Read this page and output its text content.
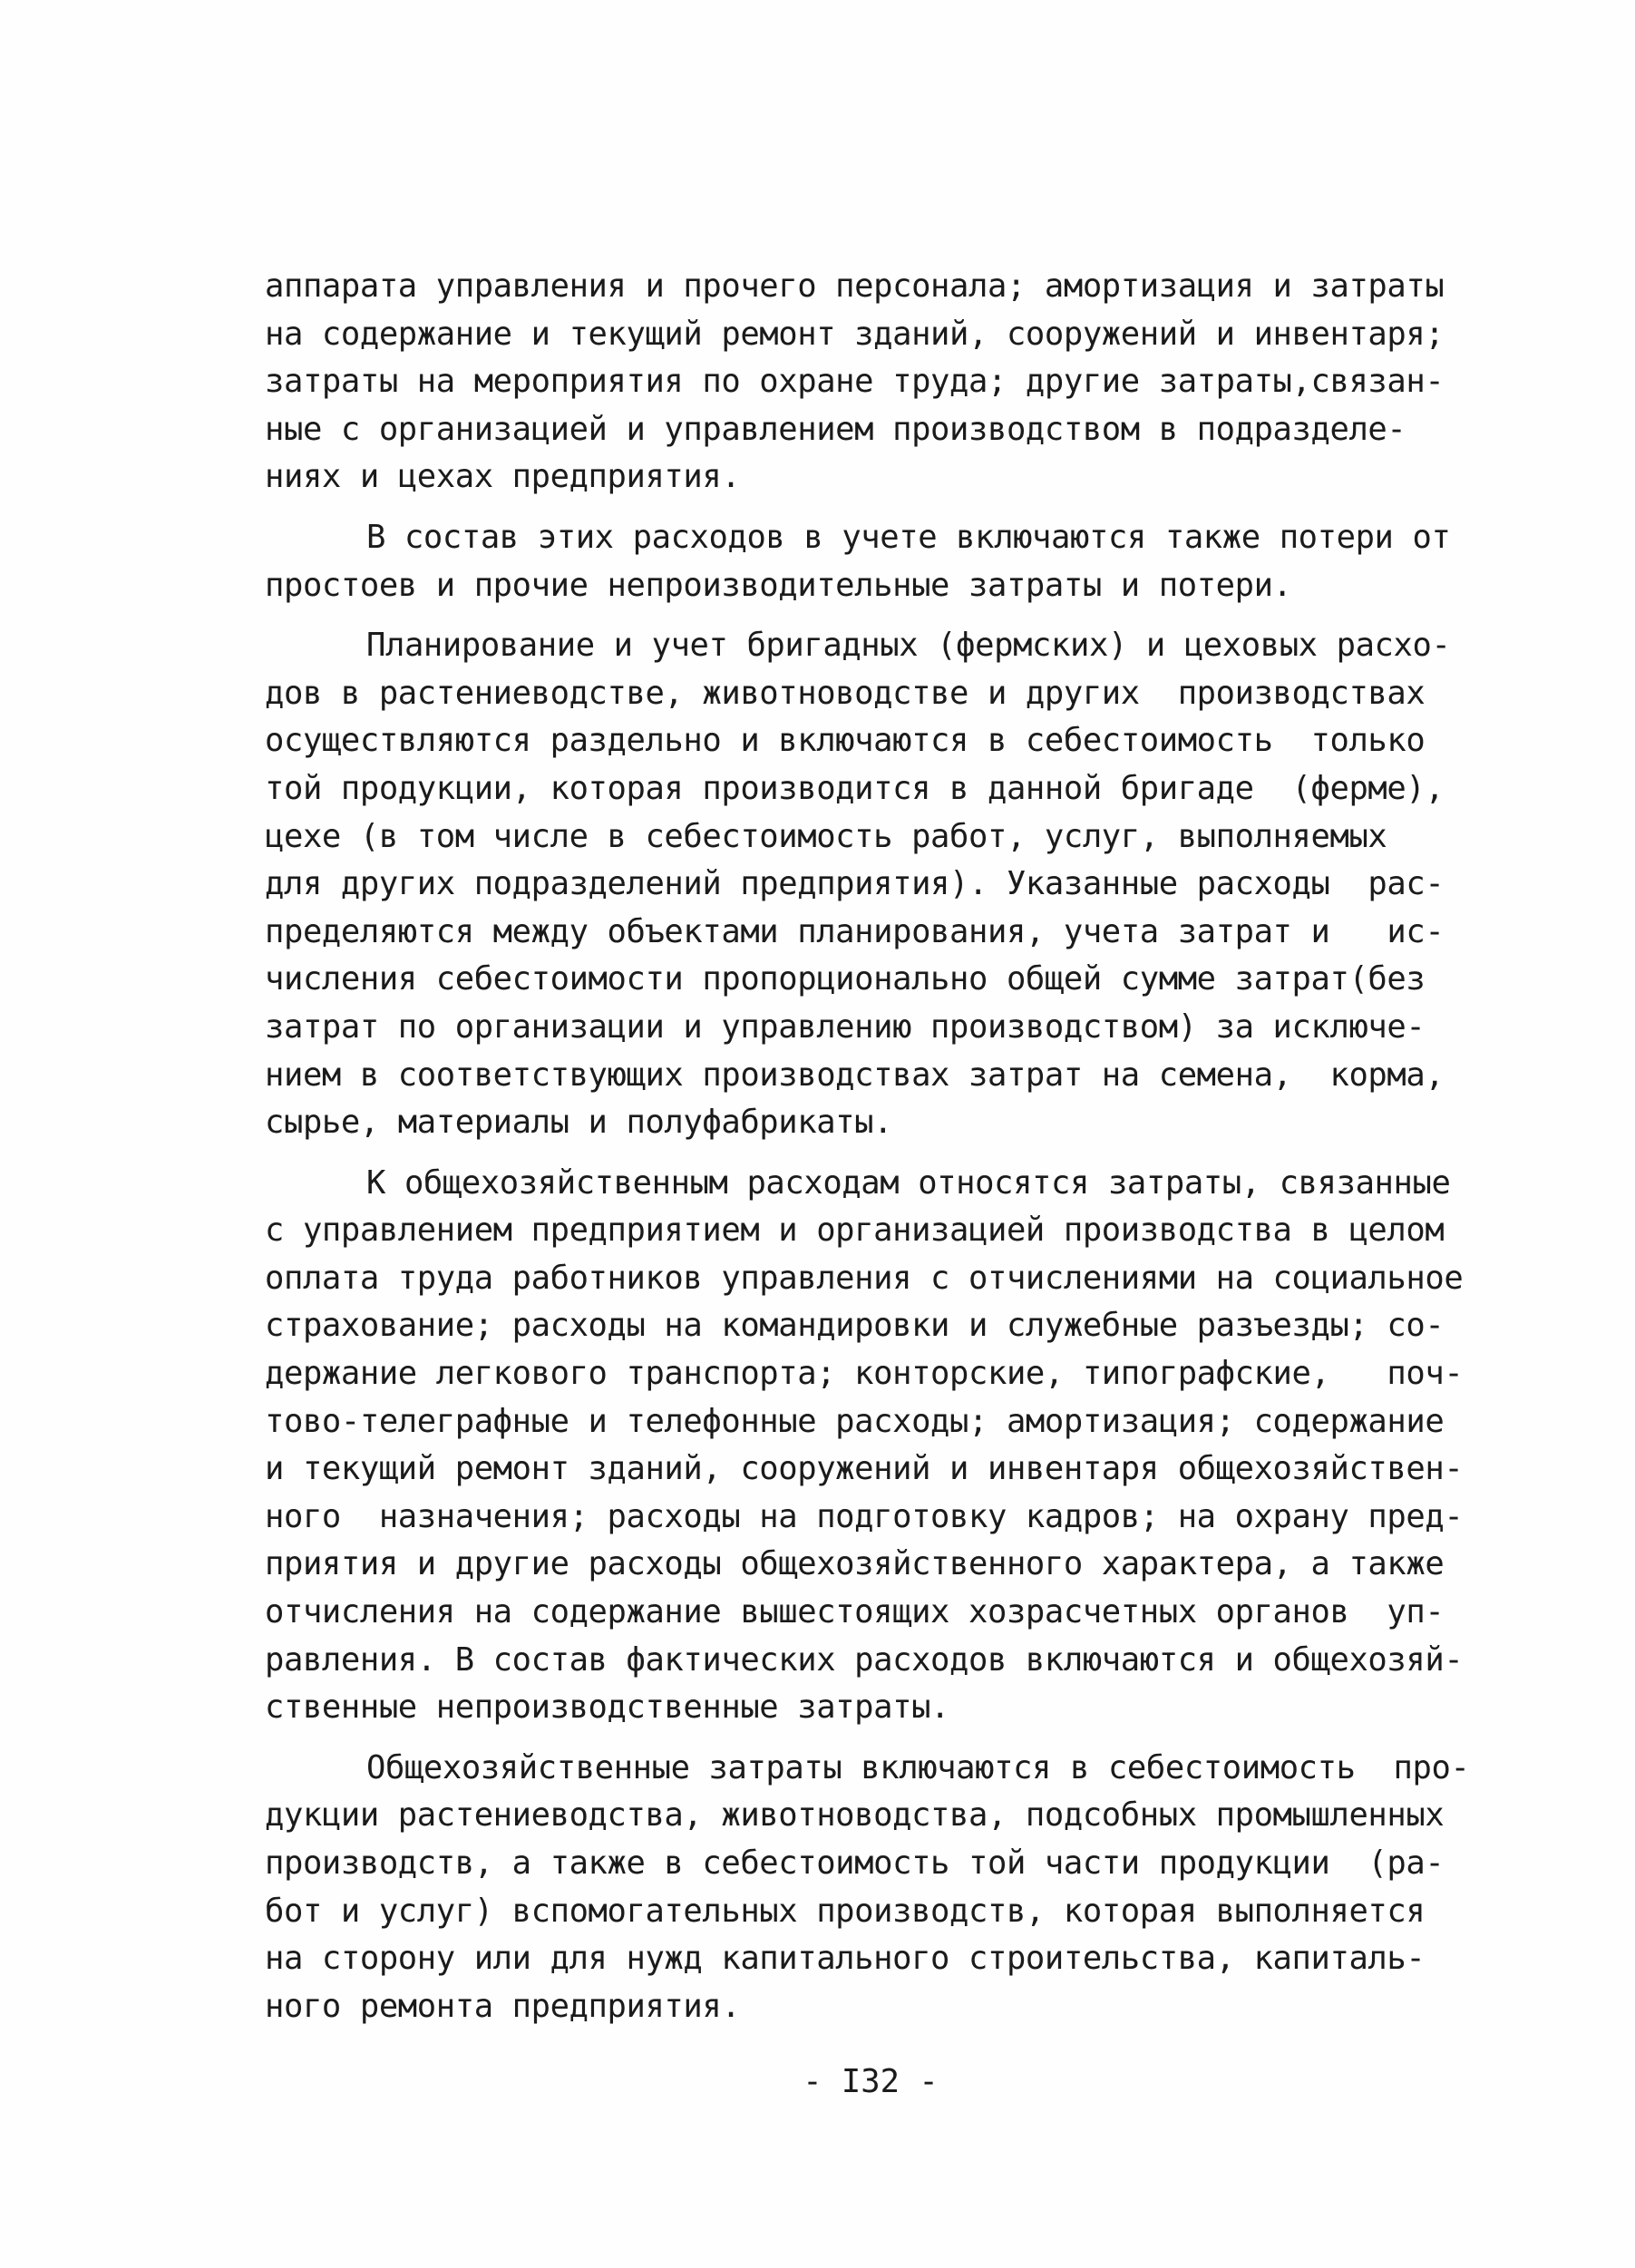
аппарата управления и прочего персонала; амортизация и затраты
на содержание и текущий ремонт зданий, сооружений и инвентаря;
затраты на мероприятия по охране труда; другие затраты,связан-
ные с организацией и управлением производством в подразделе-
ниях и цехах предприятия.

В состав этих расходов в учете включаются также потери от
простоев и прочие непроизводительные затраты и потери.

Планирование и учет бригадных (фермских) и цеховых расхо-
дов в растениеводстве, животноводстве и других  производствах
осуществляются раздельно и включаются в себестоимость  только
той продукции, которая производится в данной бригаде  (ферме),
цехе (в том числе в себестоимость работ, услуг, выполняемых
для других подразделений предприятия). Указанные расходы  рас-
пределяются между объектами планирования, учета затрат и   ис-
числения себестоимости пропорционально общей сумме затрат(без
затрат по организации и управлению производством) за исключе-
нием в соответствующих производствах затрат на семена,  корма,
сырье, материалы и полуфабрикаты.

К общехозяйственным расходам относятся затраты, связанные
с управлением предприятием и организацией производства в целом
оплата труда работников управления с отчислениями на социальное
страхование; расходы на командировки и служебные разъезды; со-
держание легкового транспорта; конторские, типографские,   поч-
тово-телеграфные и телефонные расходы; амортизация; содержание
и текущий ремонт зданий, сооружений и инвентаря общехозяйствен-
ного  назначения; расходы на подготовку кадров; на охрану пред-
приятия и другие расходы общехозяйственного характера, а также
отчисления на содержание вышестоящих хозрасчетных органов  уп-
равления. В состав фактических расходов включаются и общехозяй-
ственные непроизводственные затраты.

Общехозяйственные затраты включаются в себестоимость  про-
дукции растениеводства, животноводства, подсобных промышленных
производств, а также в себестоимость той части продукции  (ра-
бот и услуг) вспомогательных производств, которая выполняется
на сторону или для нужд капитального строительства, капиталь-
ного ремонта предприятия.

- I32 -
